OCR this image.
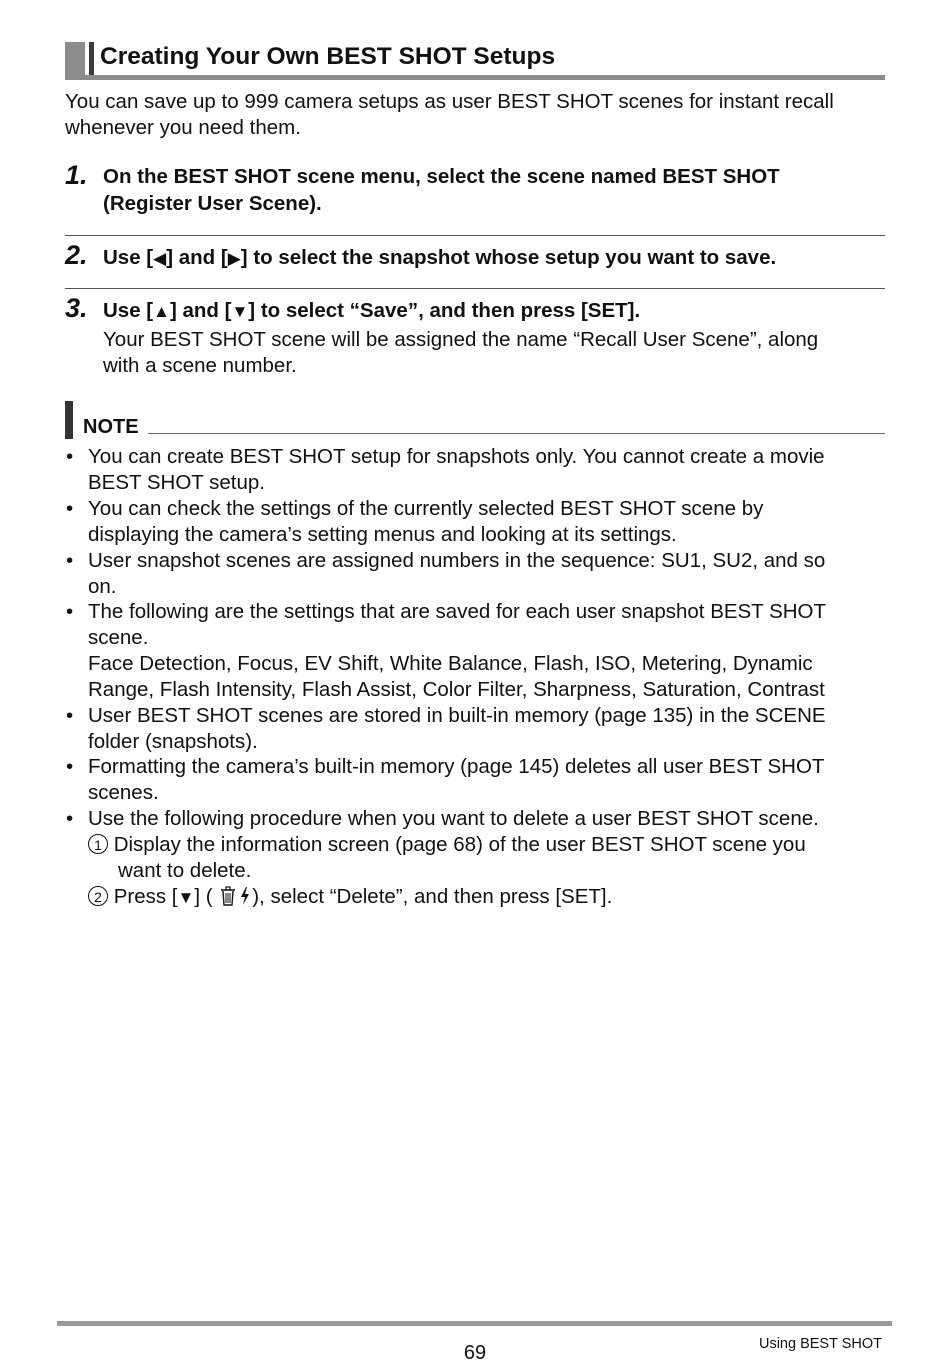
Creating Your Own BEST SHOT Setups
You can save up to 999 camera setups as user BEST SHOT scenes for instant recall whenever you need them.
1. On the BEST SHOT scene menu, select the scene named BEST SHOT
(Register User Scene).
2. Use [◀] and [▶] to select the snapshot whose setup you want to save.
3. Use [▲] and [▼] to select “Save”, and then press [SET].
Your BEST SHOT scene will be assigned the name “Recall User Scene”, along
with a scene number.
NOTE
• You can create BEST SHOT setup for snapshots only. You cannot create a movie
BEST SHOT setup.
• You can check the settings of the currently selected BEST SHOT scene by
displaying the camera’s setting menus and looking at its settings.
• User snapshot scenes are assigned numbers in the sequence: SU1, SU2, and so
on.
• The following are the settings that are saved for each user snapshot BEST SHOT
scene.
Face Detection, Focus, EV Shift, White Balance, Flash, ISO, Metering, Dynamic
Range, Flash Intensity, Flash Assist, Color Filter, Sharpness, Saturation, Contrast
• User BEST SHOT scenes are stored in built-in memory (page 135) in the SCENE
folder (snapshots).
• Formatting the camera’s built-in memory (page 145) deletes all user BEST SHOT
scenes.
• Use the following procedure when you want to delete a user BEST SHOT scene.
1 Display the information screen (page 68) of the user BEST SHOT scene you
want to delete.
2 Press [▼] ( ), select “Delete”, and then press [SET].
69	Using BEST SHOT
